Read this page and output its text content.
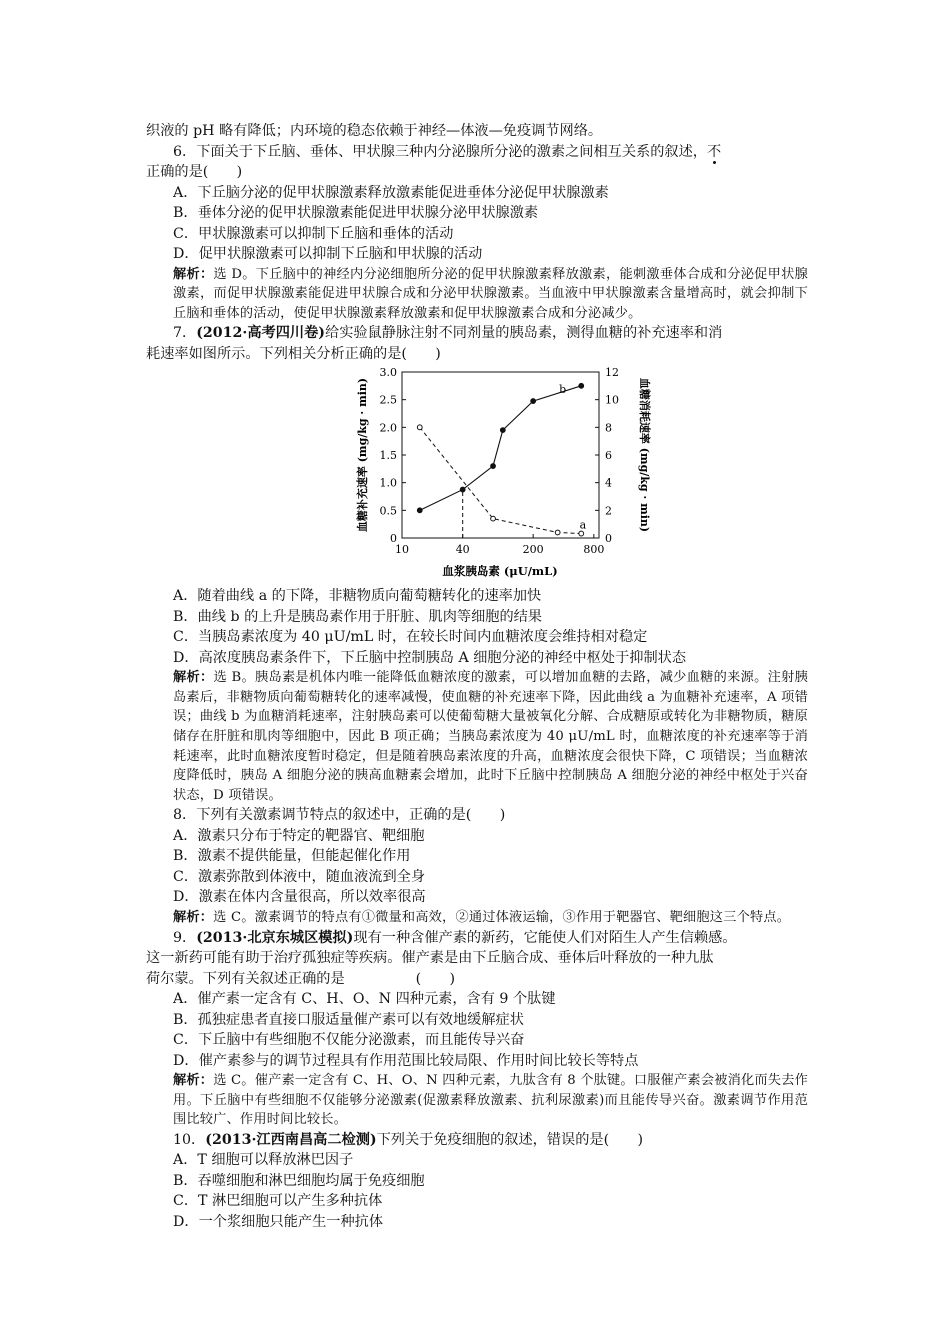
织液的 pH 略有降低；内环境的稳态依赖于神经—体液—免疫调节网络。
6．下面关于下丘脑、垂体、甲状腺三种内分泌腺所分泌的激素之间相互关系的叙述，不
正确的是(　　)
A．下丘脑分泌的促甲状腺激素释放激素能促进垂体分泌促甲状腺激素
B．垂体分泌的促甲状腺激素能促进甲状腺分泌甲状腺激素
C．甲状腺激素可以抑制下丘脑和垂体的活动
D．促甲状腺激素可以抑制下丘脑和甲状腺的活动
解析：选 D。下丘脑中的神经内分泌细胞所分泌的促甲状腺激素释放激素，能刺激垂体合成和分泌促甲状腺激素，而促甲状腺激素能促进甲状腺合成和分泌甲状腺激素。当血液中甲状腺激素含量增高时，就会抑制下丘脑和垂体的活动，使促甲状腺激素释放激素和促甲状腺激素合成和分泌减少。
7．(2012·高考四川卷)给实验鼠静脉注射不同剂量的胰岛素，测得血糖的补充速率和消
耗速率如图所示。下列相关分析正确的是(　　)
0
0.5
1.0
1.5
2.0
2.5
3.0
0
2
4
6
8
10
12
10	40	200	800
a
b
血糖补充速率 (mg/kg · min)	血糖消耗速率 (mg/kg · min)
血浆胰岛素 (μU/mL)
A．随着曲线 a 的下降，非糖物质向葡萄糖转化的速率加快
B．曲线 b 的上升是胰岛素作用于肝脏、肌肉等细胞的结果
C．当胰岛素浓度为 40 μU/mL 时，在较长时间内血糖浓度会维持相对稳定
D．高浓度胰岛素条件下，下丘脑中控制胰岛 A 细胞分泌的神经中枢处于抑制状态
解析：选 B。胰岛素是机体内唯一能降低血糖浓度的激素，可以增加血糖的去路，减少血糖的来源。注射胰岛素后，非糖物质向葡萄糖转化的速率减慢，使血糖的补充速率下降，因此曲线 a 为血糖补充速率，A 项错误；曲线 b 为血糖消耗速率，注射胰岛素可以使葡萄糖大量被氧化分解、合成糖原或转化为非糖物质，糖原储存在肝脏和肌肉等细胞中，因此 B 项正确；当胰岛素浓度为 40 μU/mL 时，血糖浓度的补充速率等于消耗速率，此时血糖浓度暂时稳定，但是随着胰岛素浓度的升高，血糖浓度会很快下降，C 项错误；当血糖浓度降低时，胰岛 A 细胞分泌的胰高血糖素会增加，此时下丘脑中控制胰岛 A 细胞分泌的神经中枢处于兴奋状态，D 项错误。
8．下列有关激素调节特点的叙述中，正确的是(　　)
A．激素只分布于特定的靶器官、靶细胞
B．激素不提供能量，但能起催化作用
C．激素弥散到体液中，随血液流到全身
D．激素在体内含量很高，所以效率很高
解析：选 C。激素调节的特点有①微量和高效，②通过体液运输，③作用于靶器官、靶细胞这三个特点。
9．(2013·北京东城区模拟)现有一种含催产素的新药，它能使人们对陌生人产生信赖感。
这一新药可能有助于治疗孤独症等疾病。催产素是由下丘脑合成、垂体后叶释放的一种九肽
荷尔蒙。下列有关叙述正确的是　　　　　(　　)
A．催产素一定含有 C、H、O、N 四种元素，含有 9 个肽键
B．孤独症患者直接口服适量催产素可以有效地缓解症状
C．下丘脑中有些细胞不仅能分泌激素，而且能传导兴奋
D．催产素参与的调节过程具有作用范围比较局限、作用时间比较长等特点
解析：选 C。催产素一定含有 C、H、O、N 四种元素，九肽含有 8 个肽键。口服催产素会被消化而失去作用。下丘脑中有些细胞不仅能够分泌激素(促激素释放激素、抗利尿激素)而且能传导兴奋。激素调节作用范围比较广、作用时间比较长。
10．(2013·江西南昌高二检测)下列关于免疫细胞的叙述，错误的是(　　)
A．T 细胞可以释放淋巴因子
B．吞噬细胞和淋巴细胞均属于免疫细胞
C．T 淋巴细胞可以产生多种抗体
D．一个浆细胞只能产生一种抗体
